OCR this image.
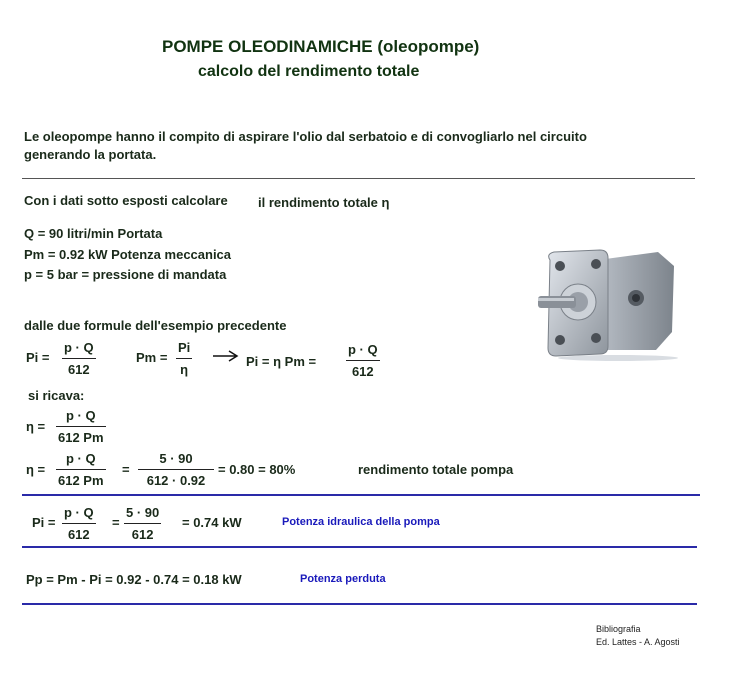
POMPE OLEODINAMICHE (oleopompe)
calcolo del rendimento totale
Le oleopompe hanno il compito di aspirare l'olio dal serbatoio e di convogliarlo nel circuito
generando la portata.
Con i dati sotto esposti calcolare il rendimento totale η
Q = 90 litri/min Portata
Pm = 0.92 kW Potenza meccanica
p = 5 bar = pressione di mandata
dalle due formule dell'esempio precedente
Pi =
p · Q
612
Pm =
Pi
η
Pi = η Pm =
p · Q
612
si ricava:
η =
p · Q
612 Pm
η =
p · Q
612 Pm
=
5 · 90
612 · 0.92
= 0.80 = 80%	rendimento totale pompa
Pi =
p · Q
612
=
5 · 90
612
= 0.74 kW	Potenza idraulica della pompa
Pp = Pm - Pi = 0.92 - 0.74 = 0.18 kW	Potenza perduta
Bibliografia
Ed. Lattes - A. Agosti
